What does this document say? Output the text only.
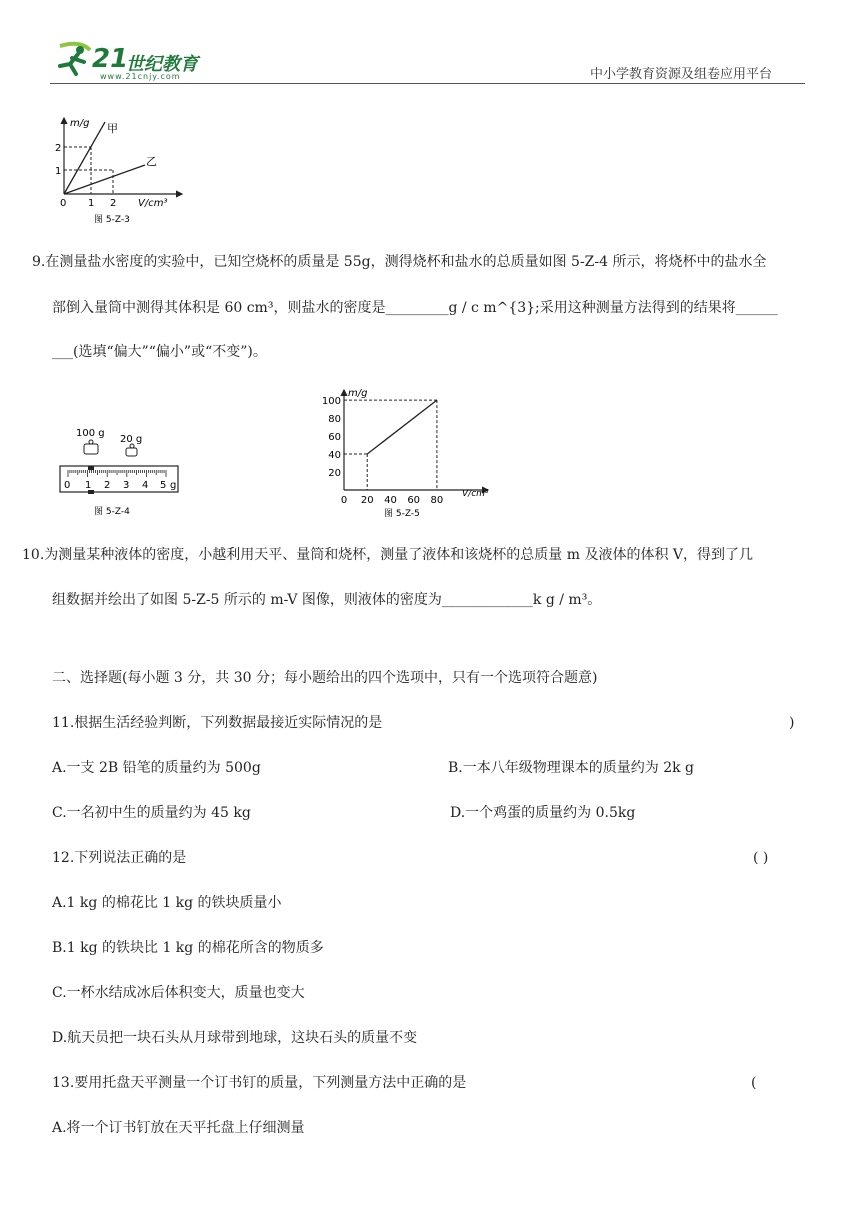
21
世纪教育
www.21cnjy.com	中小学教育资源及组卷应用平台
m/g 甲
乙
2
1
0 1 2 V/cm³
图 5-Z-3
9.在测量盐水密度的实验中，已知空烧杯的质量是 55g，测得烧杯和盐水的总质量如图 5-Z-4 所示，将烧杯中的盐水全
部倒入量筒中测得其体积是 60 cm³，则盐水的密度是_________g / c m^{3};采用这种测量方法得到的结果将______
___(选填“偏大”“偏小”或“不变”)。
100 g
20 g
0 1 2 3 4 5 g
图 5-Z-4
m/g
100
80
60
40
20
0 20 40 60 80
V/cm³
图 5-Z-5
10.为测量某种液体的密度，小越利用天平、量筒和烧杯，测量了液体和该烧杯的总质量 m 及液体的体积 V，得到了几
组数据并绘出了如图 5-Z-5 所示的 m-V 图像，则液体的密度为_____________k g / m³。
二、选择题(每小题 3 分，共 30 分；每小题给出的四个选项中，只有一个选项符合题意)
11.根据生活经验判断，下列数据最接近实际情况的是	)
A.一支 2B 铅笔的质量约为 500g	B.一本八年级物理课本的质量约为 2k g
C.一名初中生的质量约为 45 kg	D.一个鸡蛋的质量约为 0.5kg
12.下列说法正确的是	( )
A.1 kg 的棉花比 1 kg 的铁块质量小
B.1 kg 的铁块比 1 kg 的棉花所含的物质多
C.一杯水结成冰后体积变大，质量也变大
D.航天员把一块石头从月球带到地球，这块石头的质量不变
13.要用托盘天平测量一个订书钉的质量，下列测量方法中正确的是	(
A.将一个订书钉放在天平托盘上仔细测量
